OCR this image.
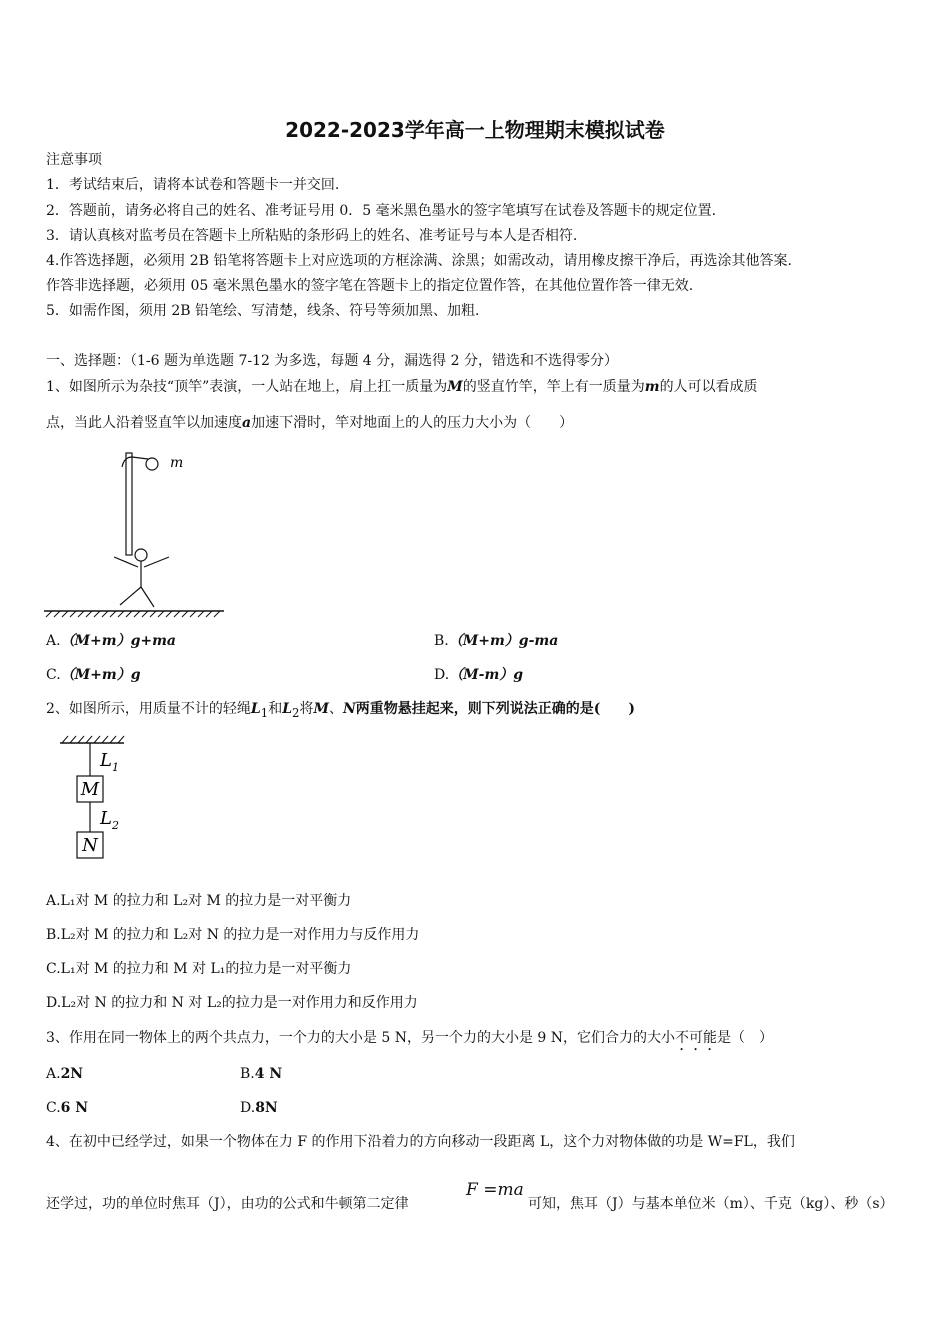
2022-2023学年高一上物理期末模拟试卷
注意事项
1．考试结束后，请将本试卷和答题卡一并交回.
2．答题前，请务必将自己的姓名、准考证号用 0．5 毫米黑色墨水的签字笔填写在试卷及答题卡的规定位置.
3．请认真核对监考员在答题卡上所粘贴的条形码上的姓名、准考证号与本人是否相符.
4.作答选择题，必须用 2B 铅笔将答题卡上对应选项的方框涂满、涂黑；如需改动，请用橡皮擦干净后，再选涂其他答案.
作答非选择题，必须用 05 毫米黑色墨水的签字笔在答题卡上的指定位置作答，在其他位置作答一律无效.
5．如需作图，须用 2B 铅笔绘、写清楚，线条、符号等须加黑、加粗.
一、选择题：（1-6 题为单选题 7-12 为多选，每题 4 分，漏选得 2 分，错选和不选得零分）
1、如图所示为杂技“顶竿”表演，一人站在地上，肩上扛一质量为M的竖直竹竿，竿上有一质量为m的人可以看成质
点，当此人沿着竖直竿以加速度a加速下滑时，竿对地面上的人的压力大小为（　　）
m
A.（M+m）g+ma	B.（M+m）g-ma
C.（M+m）g	D.（M-m）g
2、如图所示，用质量不计的轻绳$L_1$和$L_2$将M、N两重物悬挂起来，则下列说法正确的是(　　)
$L_1$
M
$L_2$
N
A.L₁对 M 的拉力和 L₂对 M 的拉力是一对平衡力
B.L₂对 M 的拉力和 L₂对 N 的拉力是一对作用力与反作用力
C.L₁对 M 的拉力和 M 对 L₁的拉力是一对平衡力
D.L₂对 N 的拉力和 N 对 L₂的拉力是一对作用力和反作用力
3、作用在同一物体上的两个共点力，一个力的大小是 5 N，另一个力的大小是 9 N，它们合力的大小不可能是（　）
A.2N	B.4 N
C.6 N	D.8N
4、在初中已经学过，如果一个物体在力 F 的作用下沿着力的方向移动一段距离 L，这个力对物体做的功是 W=FL，我们
F =ma
还学过，功的单位时焦耳（J），由功的公式和牛顿第二定律	可知，焦耳（J）与基本单位米（m）、千克（kg）、秒（s）
